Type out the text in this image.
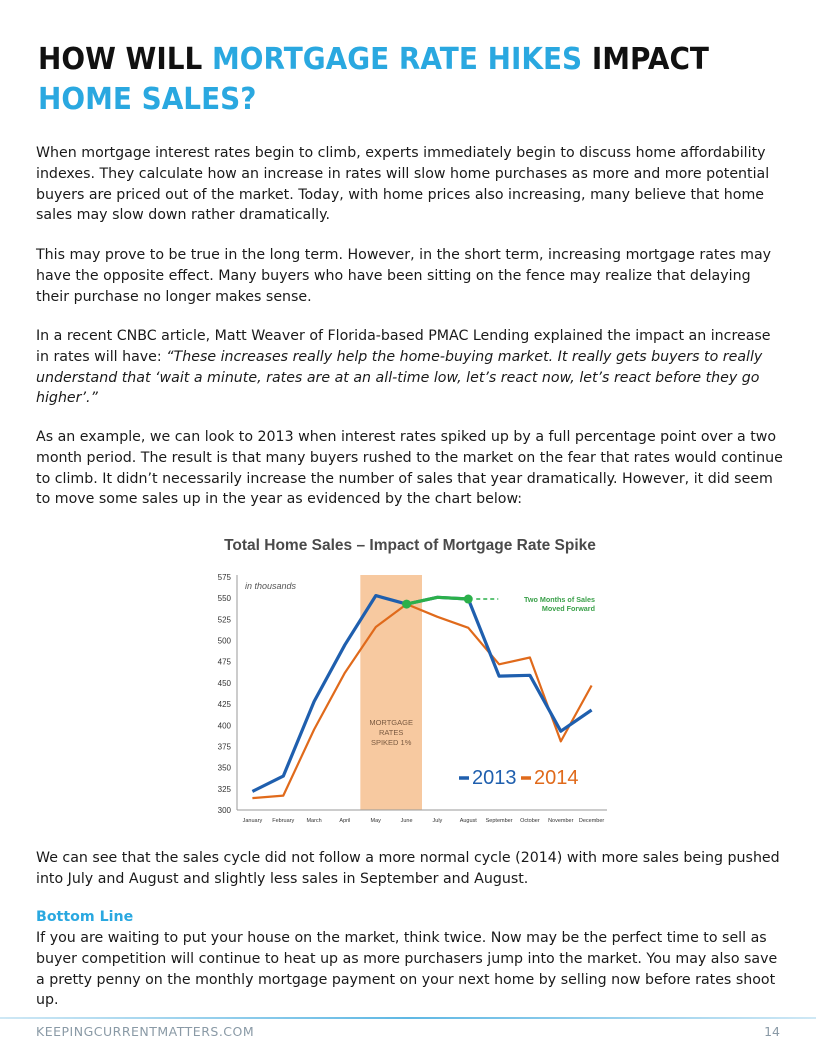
HOW WILL MORTGAGE RATE HIKES IMPACT
HOME SALES?

When mortgage interest rates begin to climb, experts immediately begin to discuss home affordability indexes. They calculate how an increase in rates will slow home purchases as more and more potential buyers are priced out of the market. Today, with home prices also increasing, many believe that home sales may slow down rather dramatically.

This may prove to be true in the long term. However, in the short term, increasing mortgage rates may have the opposite effect. Many buyers who have been sitting on the fence may realize that delaying their purchase no longer makes sense.

In a recent CNBC article, Matt Weaver of Florida-based PMAC Lending explained the impact an increase in rates will have: “These increases really help the home-buying market. It really gets buyers to really understand that ‘wait a minute, rates are at an all-time low, let’s react now, let’s react before they go higher’.”

As an example, we can look to 2013 when interest rates spiked up by a full percentage point over a two month period. The result is that many buyers rushed to the market on the fear that rates would continue to climb. It didn’t necessarily increase the number of sales that year dramatically. However, it did seem to move some sales up in the year as evidenced by the chart below:

Total Home Sales – Impact of Mortgage Rate Spike
MORTGAGE
RATES
SPIKED 1%
300
325
350
375
400
425
450
475
500
525
550
575
January February March	April	May	June	July	August September October November December
in thousands
Two Months of Sales
Moved Forward
2013 2014

We can see that the sales cycle did not follow a more normal cycle (2014) with more sales being pushed into July and August and slightly less sales in September and August.

Bottom Line

If you are waiting to put your house on the market, think twice. Now may be the perfect time to sell as buyer competition will continue to heat up as more purchasers jump into the market. You may also save a pretty penny on the monthly mortgage payment on your next home by selling now before rates shoot up.

KEEPINGCURRENTMATTERS.COM	14
